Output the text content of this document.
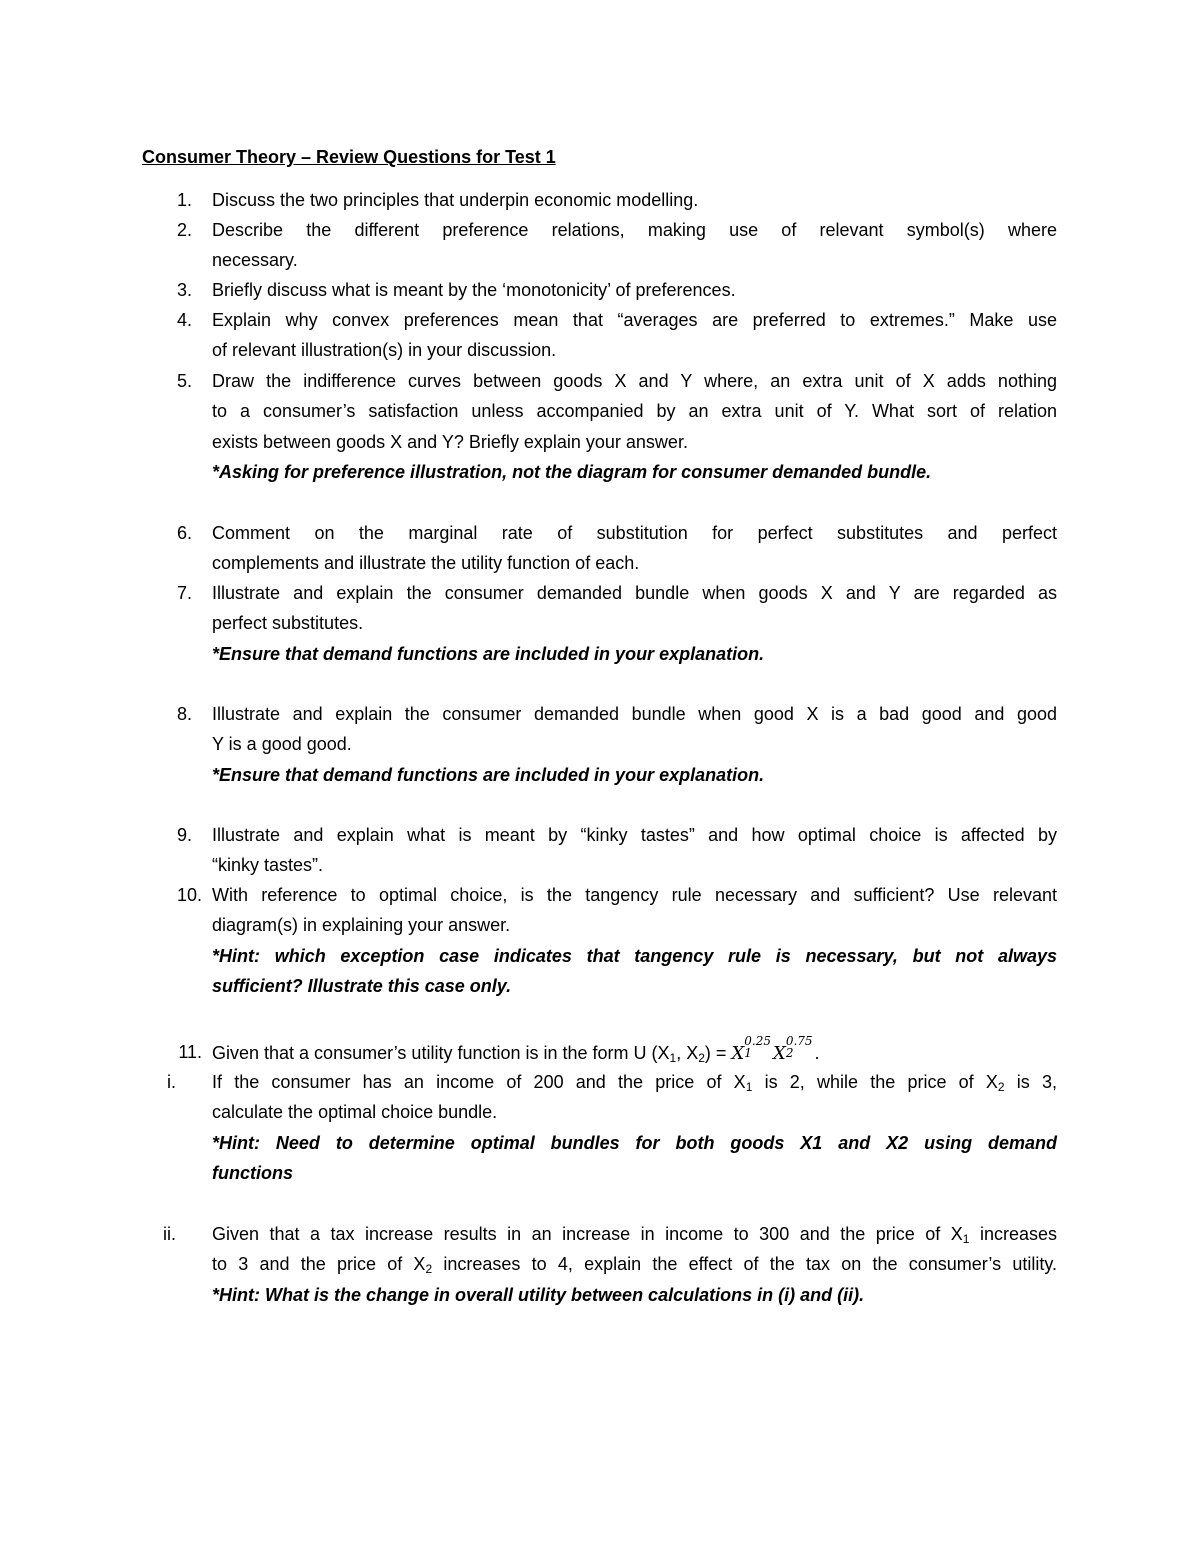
Consumer Theory – Review Questions for Test 1
1. Discuss the two principles that underpin economic modelling.
2. Describe the different preference relations, making use of relevant symbol(s) where
necessary.
3. Briefly discuss what is meant by the ‘monotonicity’ of preferences.
4. Explain why convex preferences mean that “averages are preferred to extremes.” Make use
of relevant illustration(s) in your discussion.
5. Draw the indifference curves between goods X and Y where, an extra unit of X adds nothing
to a consumer’s satisfaction unless accompanied by an extra unit of Y. What sort of relation
exists between goods X and Y? Briefly explain your answer.
*Asking for preference illustration, not the diagram for consumer demanded bundle.
6. Comment on the marginal rate of substitution for perfect substitutes and perfect
complements and illustrate the utility function of each.
7. Illustrate and explain the consumer demanded bundle when goods X and Y are regarded as
perfect substitutes.
*Ensure that demand functions are included in your explanation.
8. Illustrate and explain the consumer demanded bundle when good X is a bad good and good
Y is a good good.
*Ensure that demand functions are included in your explanation.
9. Illustrate and explain what is meant by “kinky tastes” and how optimal choice is affected by
“kinky tastes”.
10. With reference to optimal choice, is the tangency rule necessary and sufficient? Use relevant
diagram(s) in explaining your answer.
*Hint: which exception case indicates that tangency rule is necessary, but not always
sufficient? Illustrate this case only.
11. Given that a consumer’s utility function is in the form U ($X_1$, $X_2) = X$
0.25
1	X
0.75
2	.
i. If the consumer has an income of 200 and the price of $X_1$ is 2, while the price of $X_2$ is 3,
calculate the optimal choice bundle.
*Hint: Need to determine optimal bundles for both goods X1 and X2 using demand
functions
ii. Given that a tax increase results in an increase in income to 300 and the price of $X_1$ increases
to 3 and the price of $X_2$ increases to 4, explain the effect of the tax on the consumer’s utility.
*Hint: What is the change in overall utility between calculations in (i) and (ii).
